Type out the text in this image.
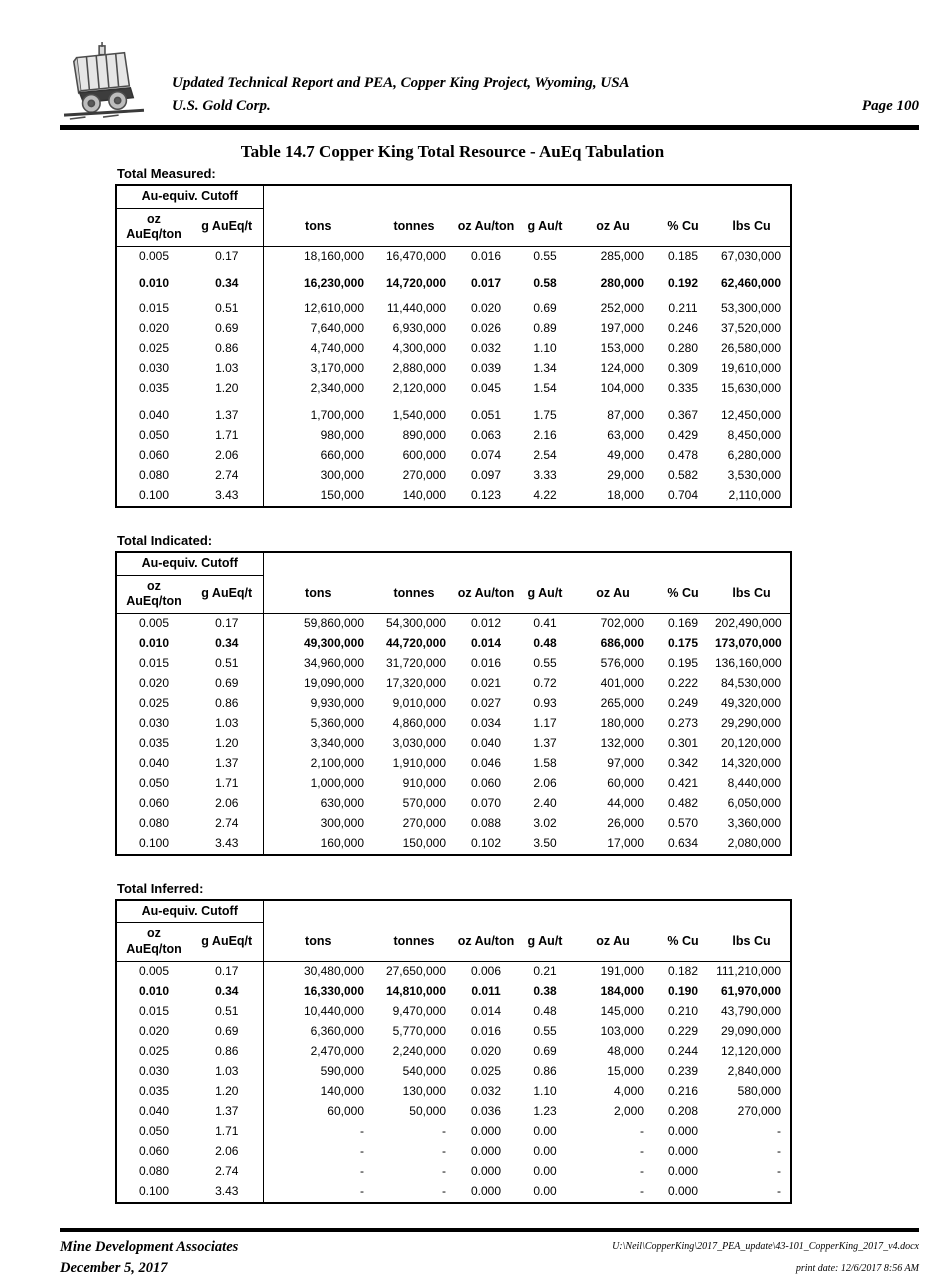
Updated Technical Report and PEA, Copper King Project, Wyoming, USA
U.S. Gold Corp.	Page 100
Table 14.7 Copper King Total Resource - AuEq Tabulation
Total Measured:
Au-equiv. Cutoff								
oz AuEq/ton	g AuEq/t	tons	tonnes	oz Au/ton	g Au/t	oz Au	% Cu	lbs Cu
0.005	0.17	18,160,000	16,470,000	0.016	0.55	285,000	0.185	67,030,000
0.010	0.34	16,230,000	14,720,000	0.017	0.58	280,000	0.192	62,460,000
0.015	0.51	12,610,000	11,440,000	0.020	0.69	252,000	0.211	53,300,000
0.020	0.69	7,640,000	6,930,000	0.026	0.89	197,000	0.246	37,520,000
0.025	0.86	4,740,000	4,300,000	0.032	1.10	153,000	0.280	26,580,000
0.030	1.03	3,170,000	2,880,000	0.039	1.34	124,000	0.309	19,610,000
0.035	1.20	2,340,000	2,120,000	0.045	1.54	104,000	0.335	15,630,000
0.040	1.37	1,700,000	1,540,000	0.051	1.75	87,000	0.367	12,450,000
0.050	1.71	980,000	890,000	0.063	2.16	63,000	0.429	8,450,000
0.060	2.06	660,000	600,000	0.074	2.54	49,000	0.478	6,280,000
0.080	2.74	300,000	270,000	0.097	3.33	29,000	0.582	3,530,000
0.100	3.43	150,000	140,000	0.123	4.22	18,000	0.704	2,110,000
Total Indicated:
Au-equiv. Cutoff								
oz AuEq/ton	g AuEq/t	tons	tonnes	oz Au/ton	g Au/t	oz Au	% Cu	lbs Cu
0.005	0.17	59,860,000	54,300,000	0.012	0.41	702,000	0.169	202,490,000
0.010	0.34	49,300,000	44,720,000	0.014	0.48	686,000	0.175	173,070,000
0.015	0.51	34,960,000	31,720,000	0.016	0.55	576,000	0.195	136,160,000
0.020	0.69	19,090,000	17,320,000	0.021	0.72	401,000	0.222	84,530,000
0.025	0.86	9,930,000	9,010,000	0.027	0.93	265,000	0.249	49,320,000
0.030	1.03	5,360,000	4,860,000	0.034	1.17	180,000	0.273	29,290,000
0.035	1.20	3,340,000	3,030,000	0.040	1.37	132,000	0.301	20,120,000
0.040	1.37	2,100,000	1,910,000	0.046	1.58	97,000	0.342	14,320,000
0.050	1.71	1,000,000	910,000	0.060	2.06	60,000	0.421	8,440,000
0.060	2.06	630,000	570,000	0.070	2.40	44,000	0.482	6,050,000
0.080	2.74	300,000	270,000	0.088	3.02	26,000	0.570	3,360,000
0.100	3.43	160,000	150,000	0.102	3.50	17,000	0.634	2,080,000
Total Inferred:
Au-equiv. Cutoff								
oz AuEq/ton	g AuEq/t	tons	tonnes	oz Au/ton	g Au/t	oz Au	% Cu	lbs Cu
0.005	0.17	30,480,000	27,650,000	0.006	0.21	191,000	0.182	111,210,000
0.010	0.34	16,330,000	14,810,000	0.011	0.38	184,000	0.190	61,970,000
0.015	0.51	10,440,000	9,470,000	0.014	0.48	145,000	0.210	43,790,000
0.020	0.69	6,360,000	5,770,000	0.016	0.55	103,000	0.229	29,090,000
0.025	0.86	2,470,000	2,240,000	0.020	0.69	48,000	0.244	12,120,000
0.030	1.03	590,000	540,000	0.025	0.86	15,000	0.239	2,840,000
0.035	1.20	140,000	130,000	0.032	1.10	4,000	0.216	580,000
0.040	1.37	60,000	50,000	0.036	1.23	2,000	0.208	270,000
0.050	1.71	-	-	0.000	0.00	-	0.000	-
0.060	2.06	-	-	0.000	0.00	-	0.000	-
0.080	2.74	-	-	0.000	0.00	-	0.000	-
0.100	3.43	-	-	0.000	0.00	-	0.000	-
Mine Development Associates
December 5, 2017
U:\Neil\CopperKing\2017_PEA_update\43-101_CopperKing_2017_v4.docx
print date: 12/6/2017 8:56 AM
